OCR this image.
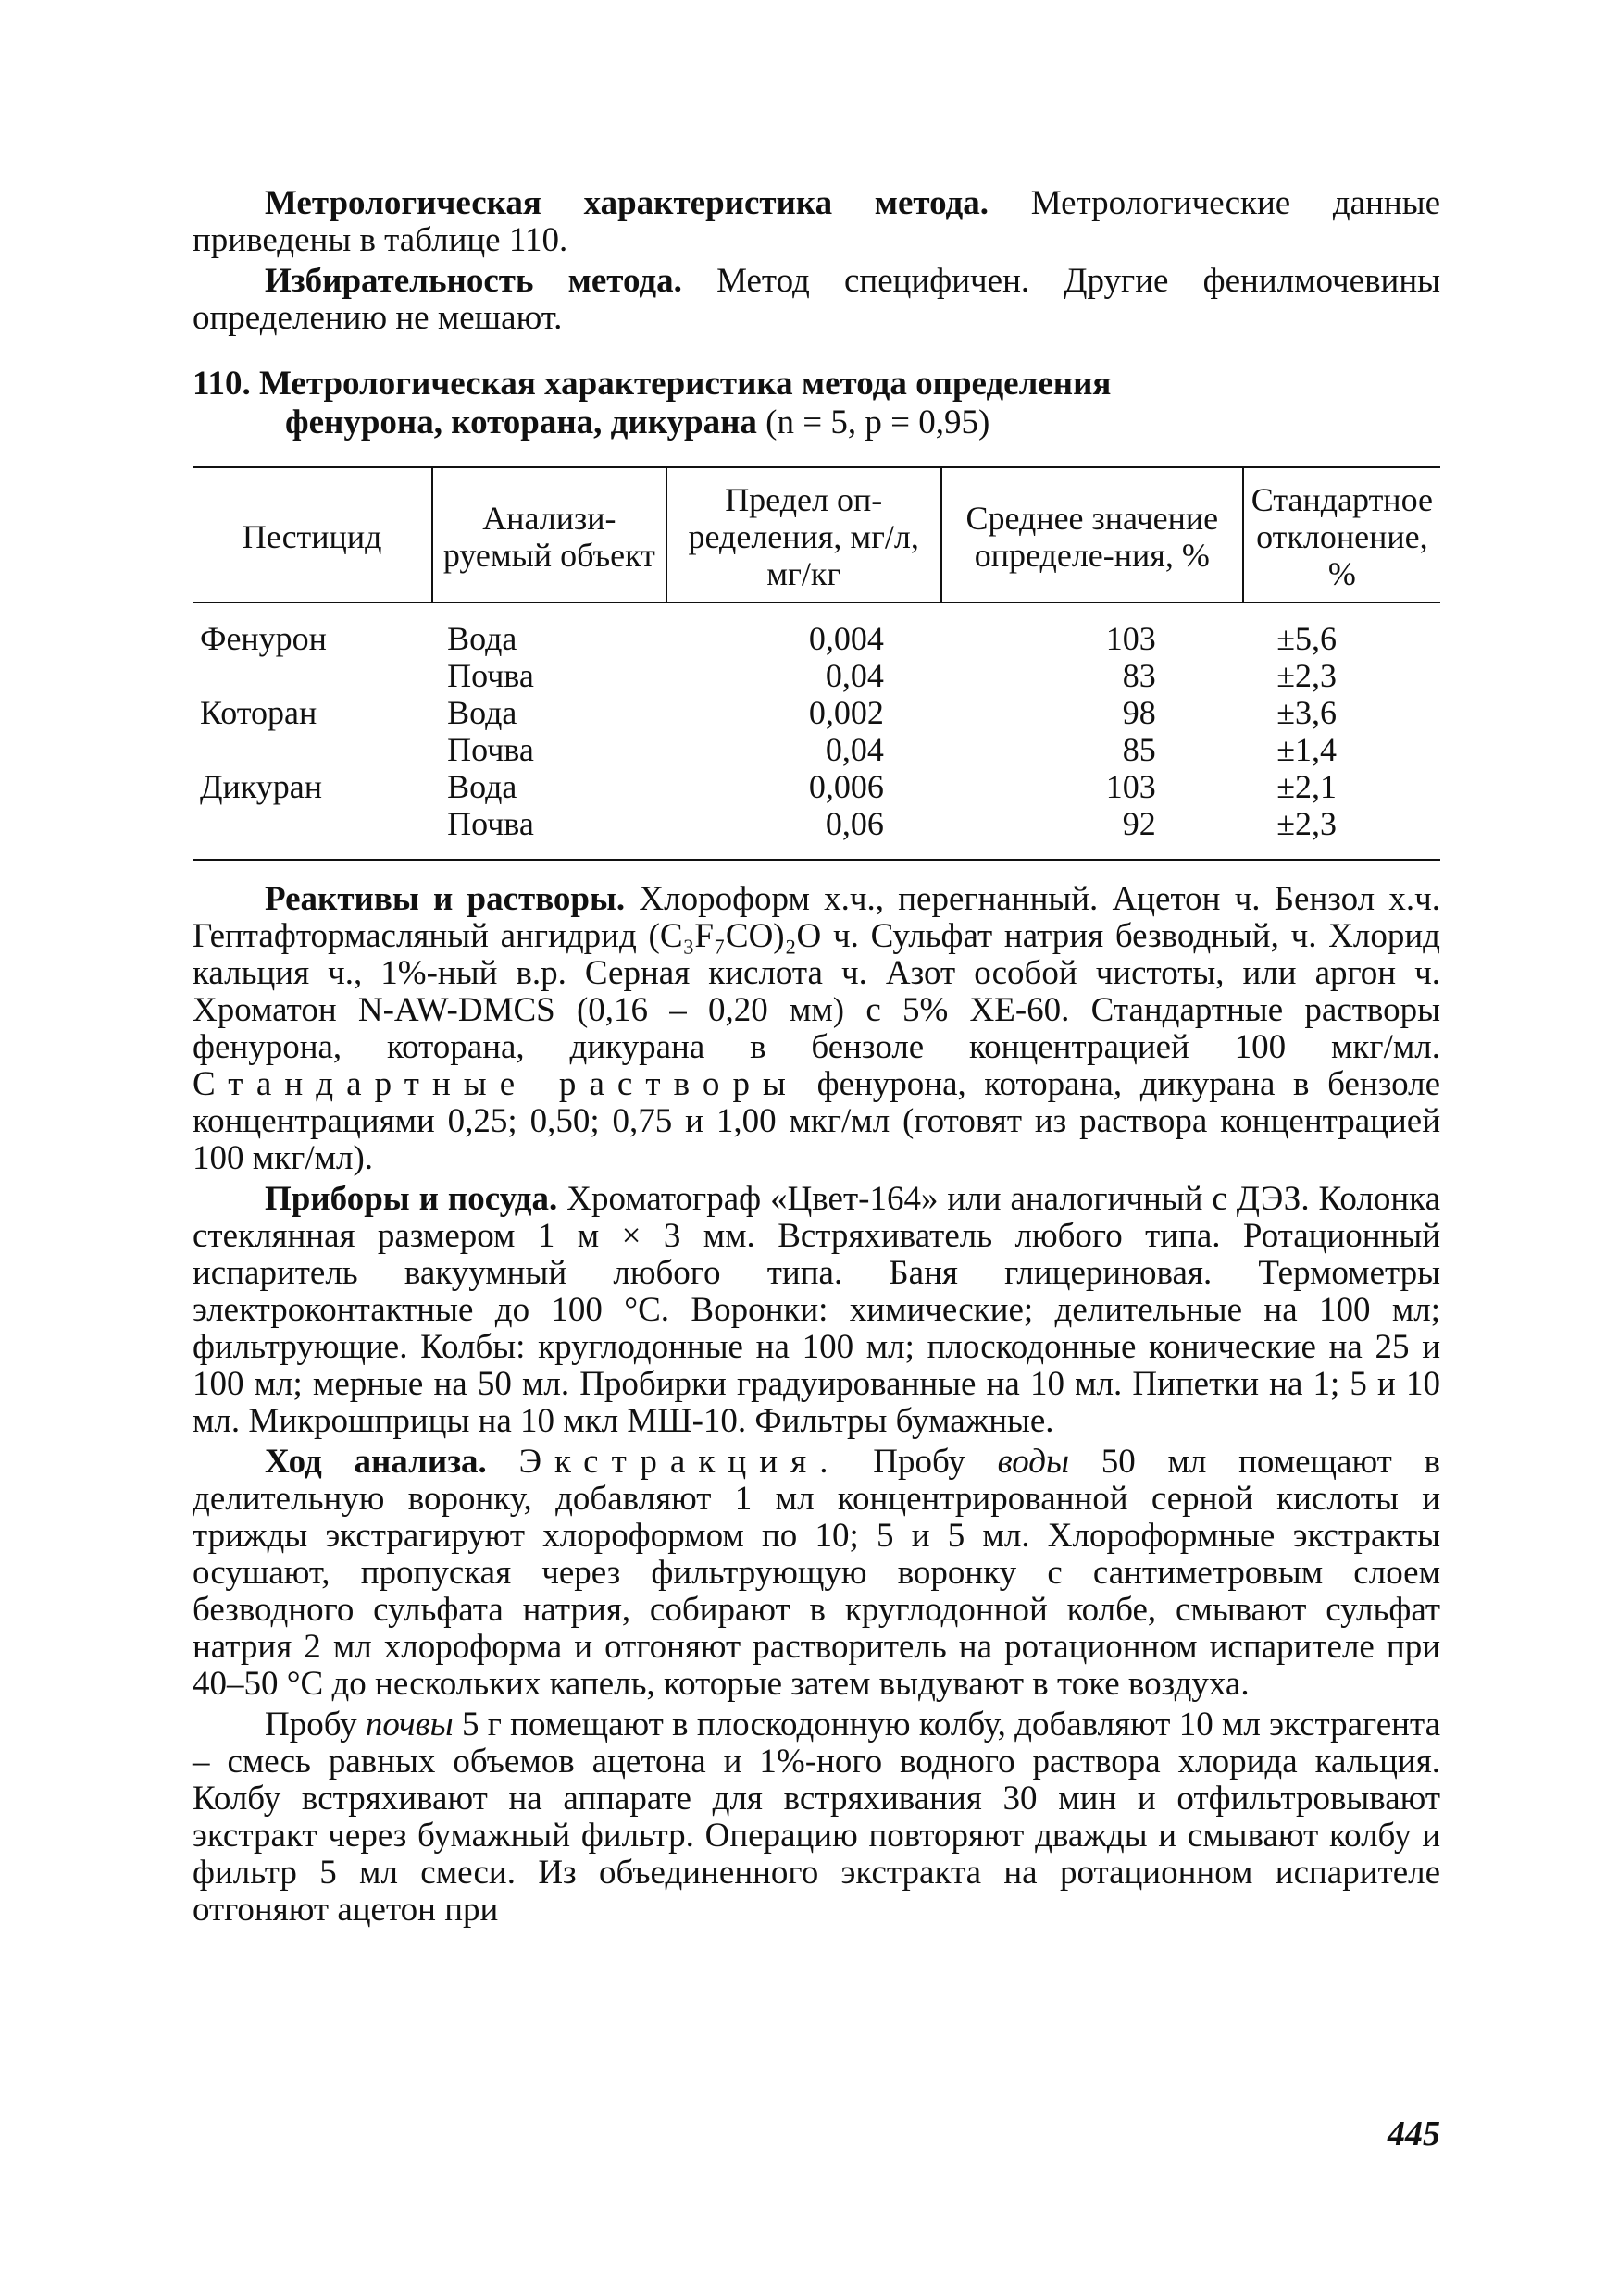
Метрологическая характеристика метода. Метрологические данные приведены в таблице 110.

Избирательность метода. Метод специфичен. Другие фенилмочевины определению не мешают.

110. Метрологическая характеристика метода определения
фенурона, которана, дикурана (n = 5, p = 0,95)
Пестицид	Анализи-руемый объект	Предел оп-ределения, мг/л, мг/кг	Среднее значение определе-ния, %	Стандартное отклонение, %
Фенурон	Вода	0,004	103	±5,6
	Почва	0,04	83	±2,3
Которан	Вода	0,002	98	±3,6
	Почва	0,04	85	±1,4
Дикуран	Вода	0,006	103	±2,1
	Почва	0,06	92	±2,3

Реактивы и растворы. Хлороформ х.ч., перегнанный. Ацетон ч. Бензол х.ч. Гептафтормасляный ангидрид (C₃F₇CO)₂O ч. Сульфат натрия безводный, ч. Хлорид кальция ч., 1%-ный в.р. Серная кислота ч. Азот особой чистоты, или аргон ч. Хроматон N-AW-DMCS (0,16 – 0,20 мм) с 5% XE-60. Стандартные растворы фенурона, которана, дикурана в бензоле концентрацией 100 мкг/мл. Стандартные растворы фенурона, которана, дикурана в бензоле концентрациями 0,25; 0,50; 0,75 и 1,00 мкг/мл (готовят из раствора концентрацией 100 мкг/мл).

Приборы и посуда. Хроматограф «Цвет-164» или аналогичный с ДЭЗ. Колонка стеклянная размером 1 м × 3 мм. Встряхиватель любого типа. Ротационный испаритель вакуумный любого типа. Баня глицериновая. Термометры электроконтактные до 100 °С. Воронки: химические; делительные на 100 мл; фильтрующие. Колбы: круглодонные на 100 мл; плоскодонные конические на 25 и 100 мл; мерные на 50 мл. Пробирки градуированные на 10 мл. Пипетки на 1; 5 и 10 мл. Микрошприцы на 10 мкл МШ-10. Фильтры бумажные.

Ход анализа. Экстракция. Пробу воды 50 мл помещают в делительную воронку, добавляют 1 мл концентрированной серной кислоты и трижды экстрагируют хлороформом по 10; 5 и 5 мл. Хлороформные экстракты осушают, пропуская через фильтрующую воронку с сантиметровым слоем безводного сульфата натрия, собирают в круглодонной колбе, смывают сульфат натрия 2 мл хлороформа и отгоняют растворитель на ротационном испарителе при 40–50 °С до нескольких капель, которые затем выдувают в токе воздуха.

Пробу почвы 5 г помещают в плоскодонную колбу, добавляют 10 мл экстрагента – смесь равных объемов ацетона и 1%-ного водного раствора хлорида кальция. Колбу встряхивают на аппарате для встряхивания 30 мин и отфильтровывают экстракт через бумажный фильтр. Операцию повторяют дважды и смывают колбу и фильтр 5 мл смеси. Из объединенного экстракта на ротационном испарителе отгоняют ацетон при

445
